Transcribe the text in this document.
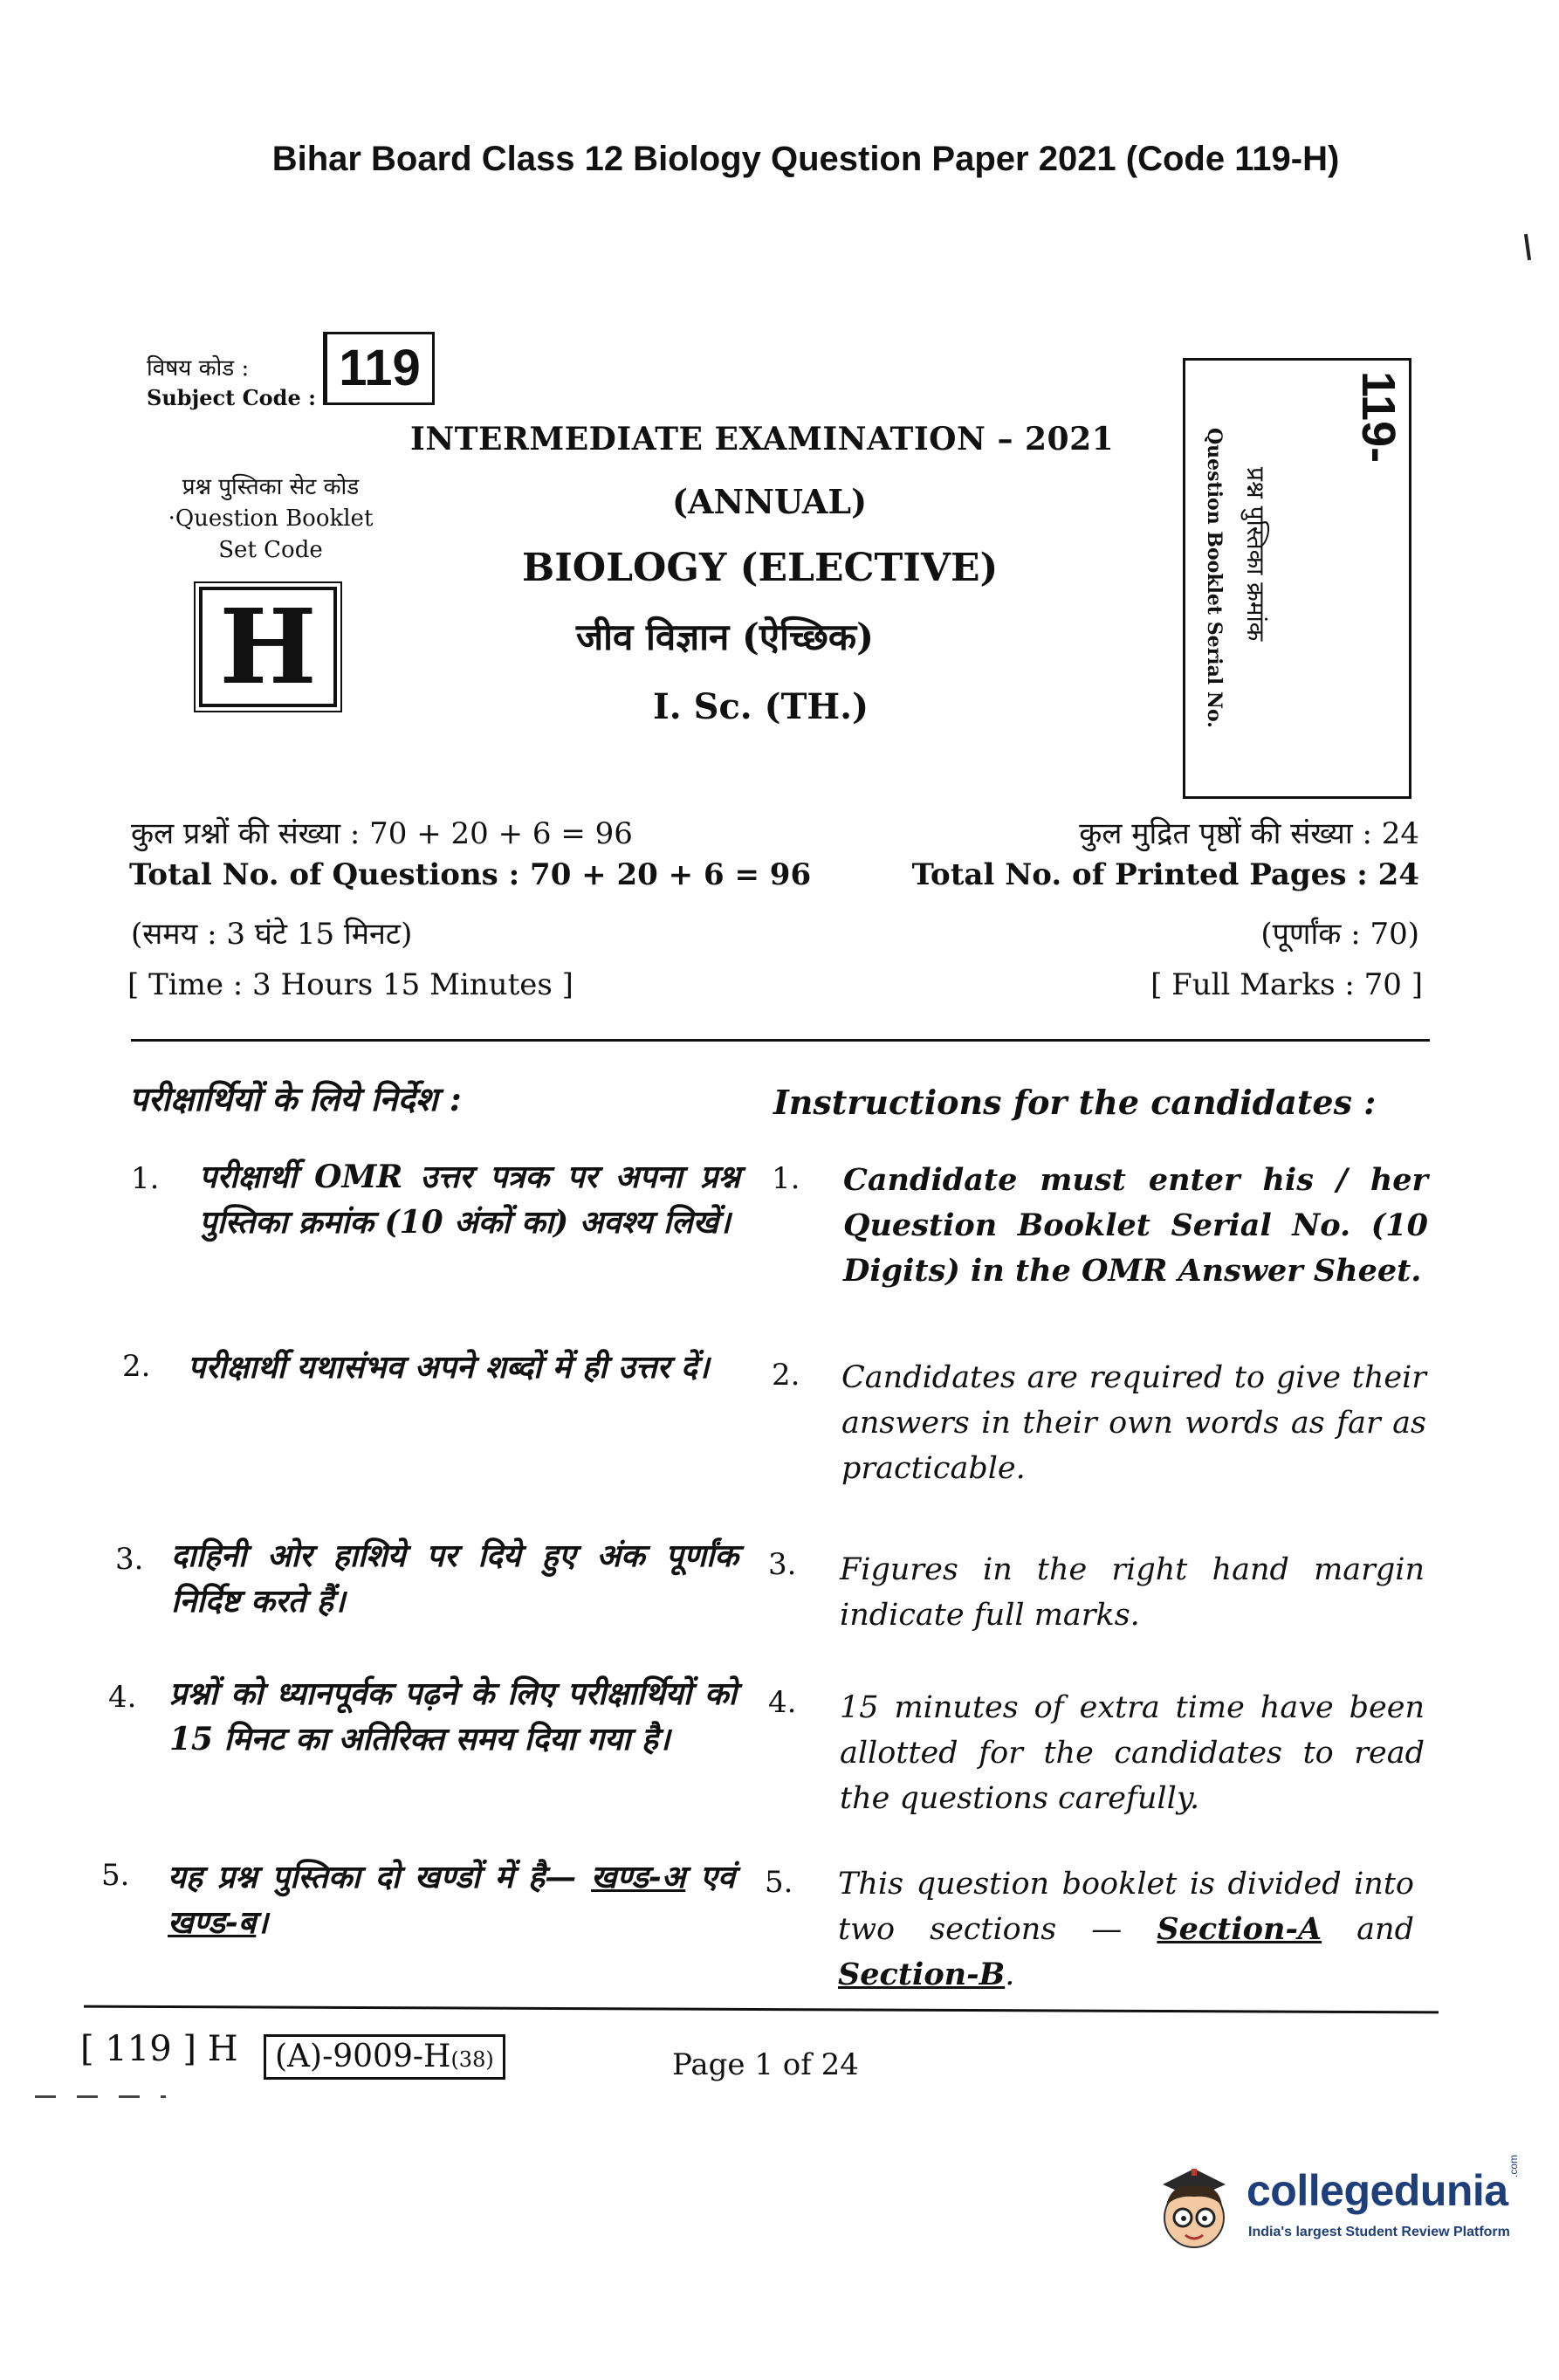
Bihar Board Class 12 Biology Question Paper 2021 (Code 119-H)
विषय कोड :
Subject Code :
119
INTERMEDIATE EXAMINATION – 2021
(ANNUAL)
BIOLOGY (ELECTIVE)
जीव विज्ञान (ऐच्छिक)
I. Sc. (TH.)
प्रश्न पुस्तिका सेट कोड
·Question Booklet
Set Code
H
119-
प्रश्न पुस्तिका क्रमांक
Question Booklet Serial No.
कुल प्रश्नों की संख्या : 70 + 20 + 6 = 96
Total No. of Questions : 70 + 20 + 6 = 96
कुल मुद्रित पृष्ठों की संख्या : 24
Total No. of Printed Pages : 24
(समय : 3 घंटे 15 मिनट)
[ Time : 3 Hours 15 Minutes ]
(पूर्णांक : 70)
[ Full Marks : 70 ]
परीक्षार्थियों के लिये निर्देश :	Instructions for the candidates :
1. परीक्षार्थी OMR उत्तर पत्रक पर अपना प्रश्न पुस्तिका क्रमांक (10 अंकों का) अवश्य लिखें।
1. Candidate must enter his / her Question Booklet Serial No. (10 Digits) in the OMR Answer Sheet.
2. परीक्षार्थी यथासंभव अपने शब्दों में ही उत्तर दें।	2. Candidates are required to give their answers in their own words as far as practicable.
3. दाहिनी ओर हाशिये पर दिये हुए अंक पूर्णांक निर्दिष्ट करते हैं।
3. Figures in the right hand margin indicate full marks.
4. प्रश्नों को ध्यानपूर्वक पढ़ने के लिए परीक्षार्थियों को 15 मिनट का अतिरिक्त समय दिया गया है।
4. 15 minutes of extra time have been allotted for the candidates to read the questions carefully.
5. यह प्रश्न पुस्तिका दो खण्डों में है— खण्ड-अ एवं खण्ड-ब।
5. This question booklet is divided into two sections — Section-A and Section-B.
[ 119 ] H	(A)-9009-H(38)	Page 1 of 24
collegedunia
.com
India's largest Student Review Platform
